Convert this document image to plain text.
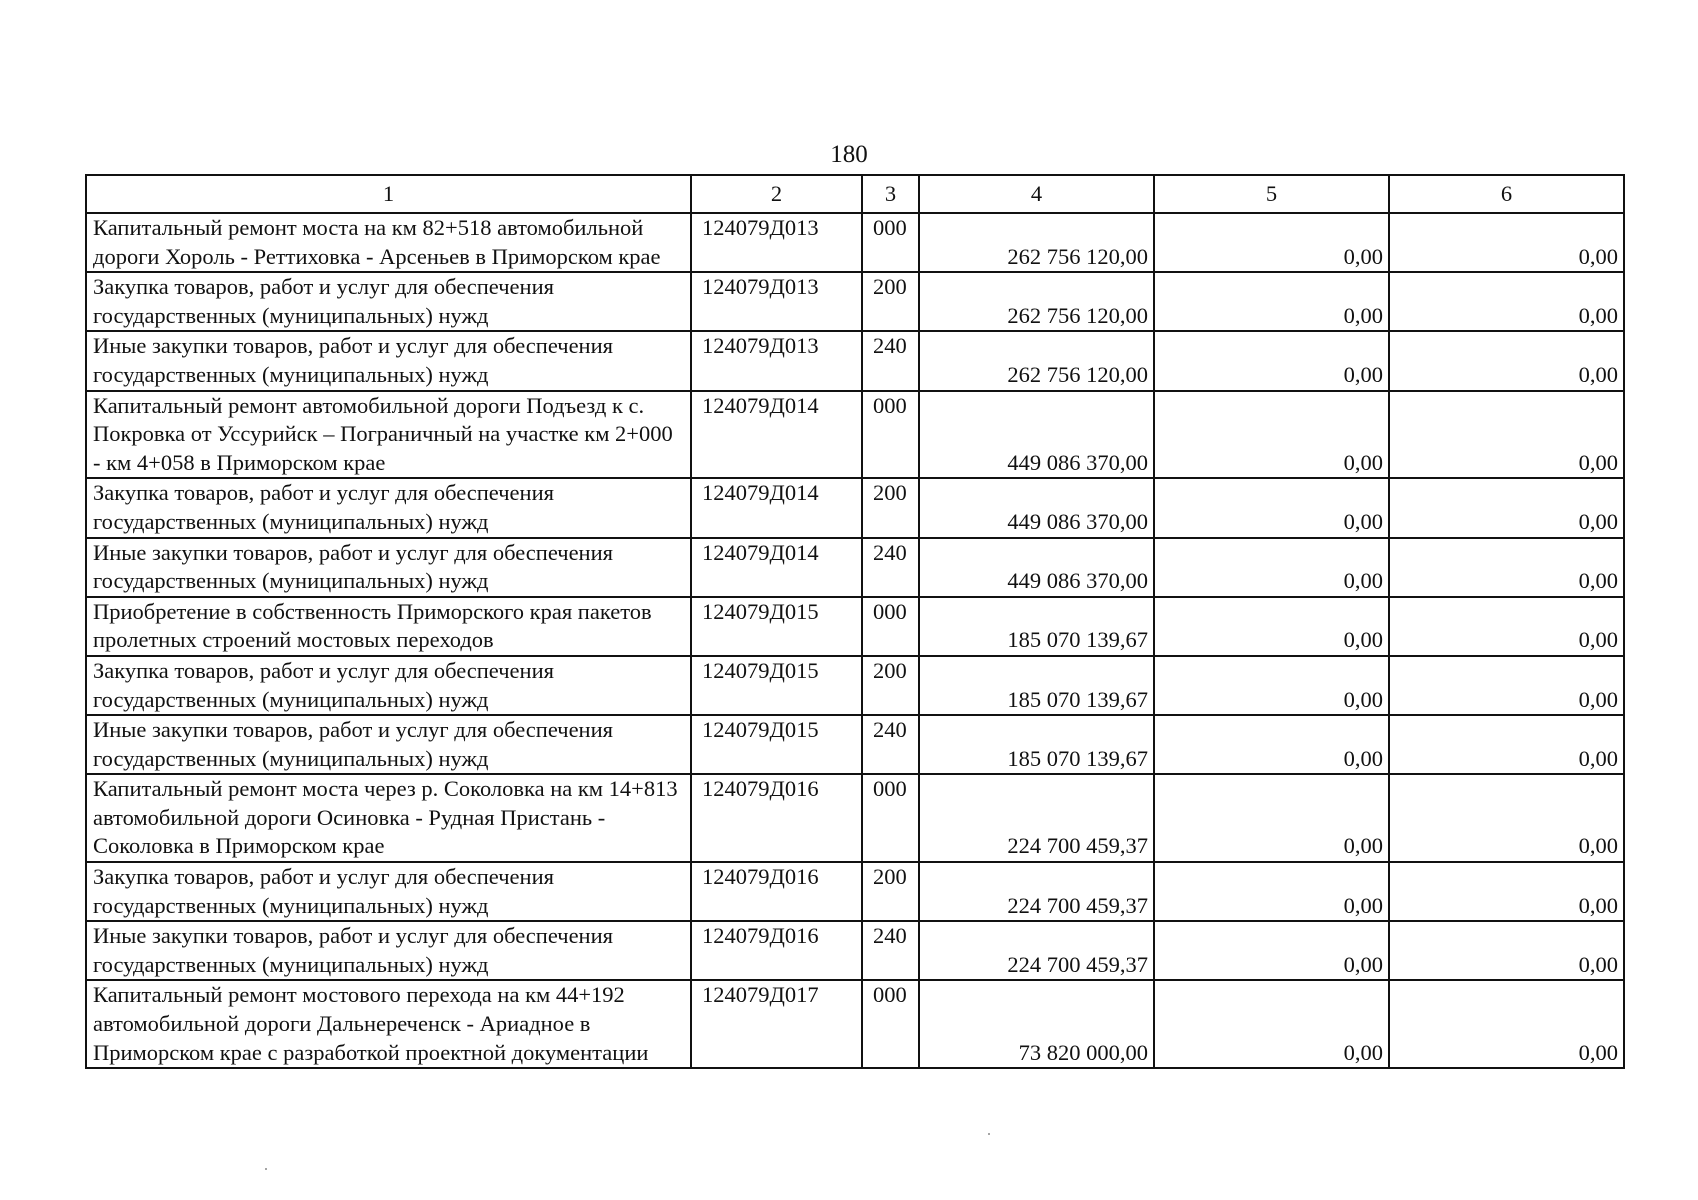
180
1	2	3	4	5	6
Капитальный ремонт моста на км 82+518 автомобильной дороги Хороль - Реттиховка - Арсеньев в Приморском крае	124079Д013	000	262 756 120,00	0,00	0,00
Закупка товаров, работ и услуг для обеспечения государственных (муниципальных) нужд	124079Д013	200	262 756 120,00	0,00	0,00
Иные закупки товаров, работ и услуг для обеспечения государственных (муниципальных) нужд	124079Д013	240	262 756 120,00	0,00	0,00
Капитальный ремонт автомобильной дороги Подъезд к с. Покровка от Уссурийск – Пограничный на участке км 2+000 - км 4+058 в Приморском крае	124079Д014	000	449 086 370,00	0,00	0,00
Закупка товаров, работ и услуг для обеспечения государственных (муниципальных) нужд	124079Д014	200	449 086 370,00	0,00	0,00
Иные закупки товаров, работ и услуг для обеспечения государственных (муниципальных) нужд	124079Д014	240	449 086 370,00	0,00	0,00
Приобретение в собственность Приморского края пакетов пролетных строений мостовых переходов	124079Д015	000	185 070 139,67	0,00	0,00
Закупка товаров, работ и услуг для обеспечения государственных (муниципальных) нужд	124079Д015	200	185 070 139,67	0,00	0,00
Иные закупки товаров, работ и услуг для обеспечения государственных (муниципальных) нужд	124079Д015	240	185 070 139,67	0,00	0,00
Капитальный ремонт моста через р. Соколовка на км 14+813 автомобильной дороги Осиновка - Рудная Пристань - Соколовка в Приморском крае	124079Д016	000	224 700 459,37	0,00	0,00
Закупка товаров, работ и услуг для обеспечения государственных (муниципальных) нужд	124079Д016	200	224 700 459,37	0,00	0,00
Иные закупки товаров, работ и услуг для обеспечения государственных (муниципальных) нужд	124079Д016	240	224 700 459,37	0,00	0,00
Капитальный ремонт мостового перехода на км 44+192 автомобильной дороги Дальнереченск - Ариадное в Приморском крае с разработкой проектной документации	124079Д017	000	73 820 000,00	0,00	0,00
